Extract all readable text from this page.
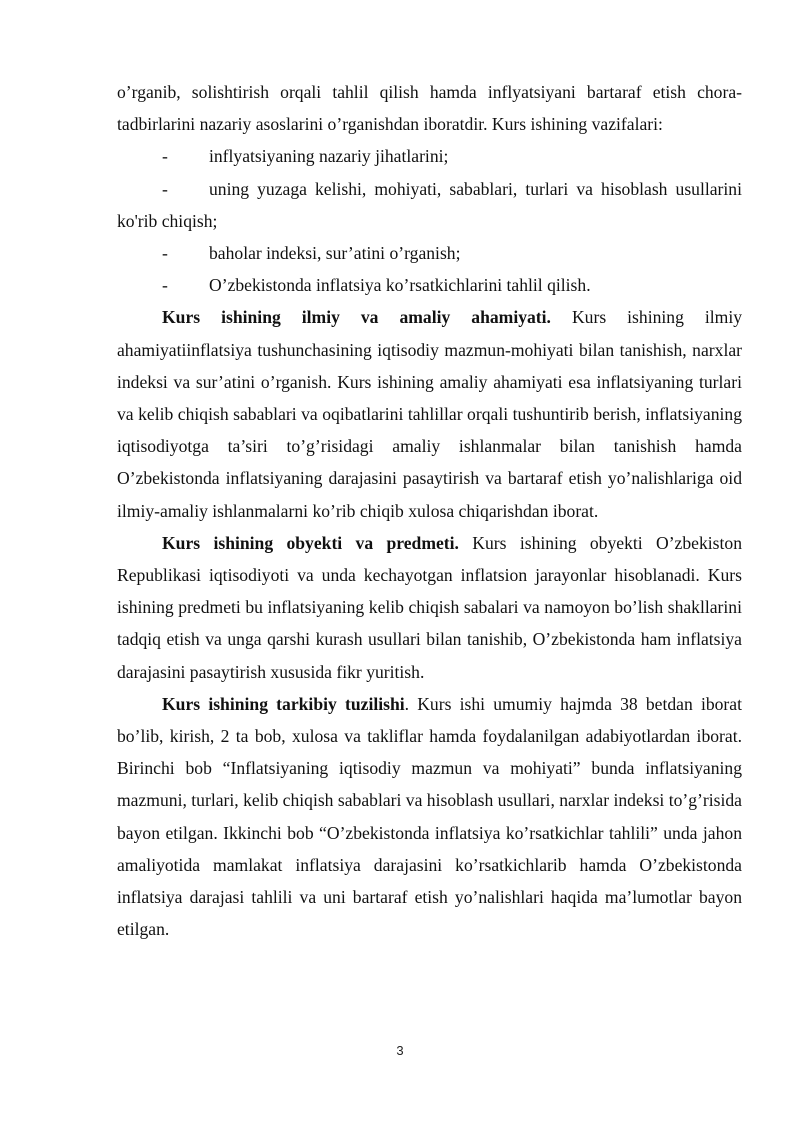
o’rganib, solishtirish orqali tahlil qilish hamda inflyatsiyani bartaraf etish chora-tadbirlarini nazariy asoslarini o’rganishdan iboratdir. Kurs ishining vazifalari:

- inflyatsiyaning nazariy jihatlarini;

- uning yuzaga kelishi, mohiyati, sabablari, turlari va hisoblash usullarini ko'rib chiqish;

- baholar indeksi, sur’atini o’rganish;

- O’zbekistonda inflatsiya ko’rsatkichlarini tahlil qilish.

Kurs ishining ilmiy va amaliy ahamiyati. Kurs ishining ilmiy ahamiyatiinflatsiya tushunchasining iqtisodiy mazmun-mohiyati bilan tanishish, narxlar indeksi va sur’atini o’rganish. Kurs ishining amaliy ahamiyati esa inflatsiyaning turlari va kelib chiqish sabablari va oqibatlarini tahlillar orqali tushuntirib berish, inflatsiyaning iqtisodiyotga ta’siri to’g’risidagi amaliy ishlanmalar bilan tanishish hamda O’zbekistonda inflatsiyaning darajasini pasaytirish va bartaraf etish yo’nalishlariga oid ilmiy-amaliy ishlanmalarni ko’rib chiqib xulosa chiqarishdan iborat.

Kurs ishining obyekti va predmeti. Kurs ishining obyekti O’zbekiston Republikasi iqtisodiyoti va unda kechayotgan inflatsion jarayonlar hisoblanadi. Kurs ishining predmeti bu inflatsiyaning kelib chiqish sabalari va namoyon bo’lish shakllarini tadqiq etish va unga qarshi kurash usullari bilan tanishib, O’zbekistonda ham inflatsiya darajasini pasaytirish xususida fikr yuritish.

Kurs ishining tarkibiy tuzilishi. Kurs ishi umumiy hajmda 38 betdan iborat bo’lib, kirish, 2 ta bob, xulosa va takliflar hamda foydalanilgan adabiyotlardan iborat. Birinchi bob “Inflatsiyaning iqtisodiy mazmun va mohiyati” bunda inflatsiyaning mazmuni, turlari, kelib chiqish sabablari va hisoblash usullari, narxlar indeksi to’g’risida bayon etilgan. Ikkinchi bob “O’zbekistonda inflatsiya ko’rsatkichlar tahlili” unda jahon amaliyotida mamlakat inflatsiya darajasini ko’rsatkichlarib hamda O’zbekistonda inflatsiya darajasi tahlili va uni bartaraf etish yo’nalishlari haqida ma’lumotlar bayon etilgan.

3
